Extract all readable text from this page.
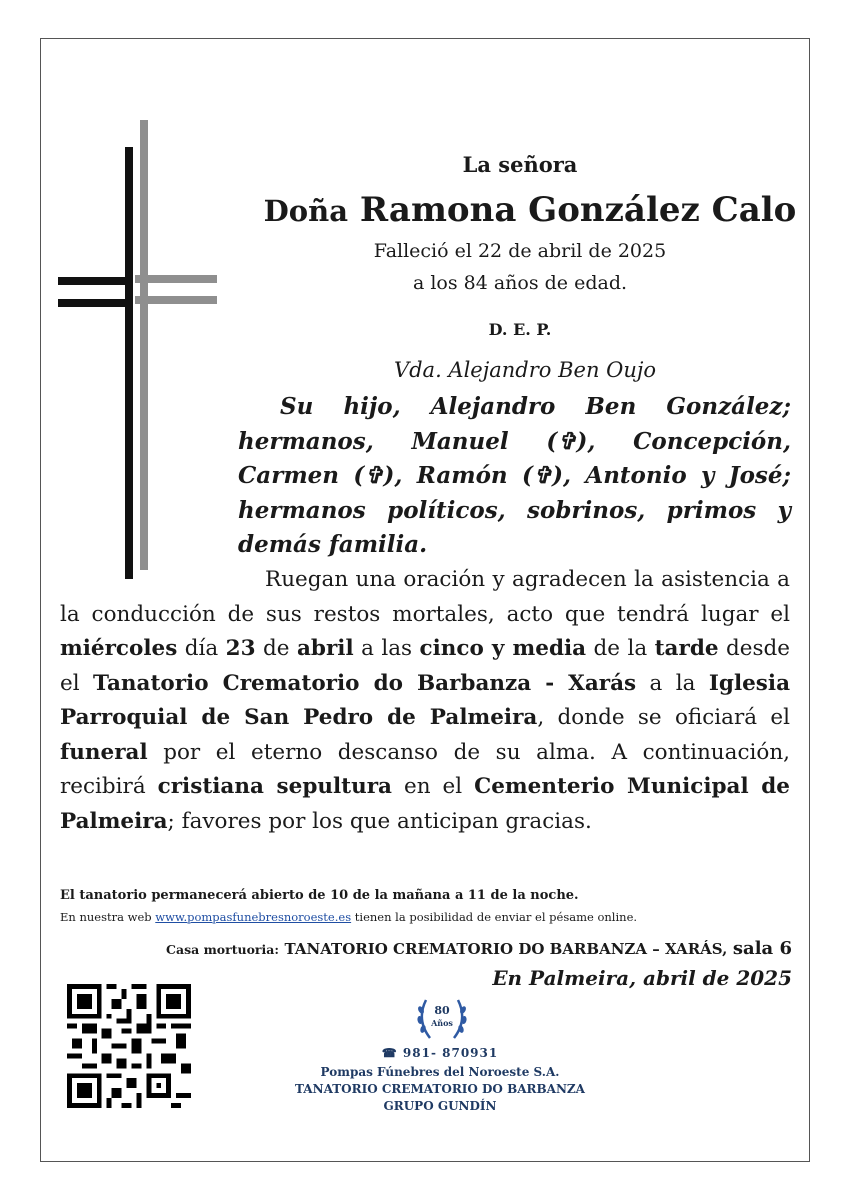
La señora
Doña Ramona González Calo
Falleció el 22 de abril de 2025
a los 84 años de edad.
D. E. P.
Vda. Alejandro Ben Oujo
Su hijo, Alejandro Ben González; hermanos, Manuel (✞), Concepción, Carmen (✞), Ramón (✞), Antonio y José; hermanos políticos, sobrinos, primos y demás familia.
Ruegan una oración y agradecen la asistencia a la conducción de sus restos mortales, acto que tendrá lugar el miércoles día 23 de abril a las cinco y media de la tarde desde el Tanatorio Crematorio do Barbanza - Xarás a la Iglesia Parroquial de San Pedro de Palmeira, donde se oficiará el funeral por el eterno descanso de su alma. A continuación, recibirá cristiana sepultura en el Cementerio Municipal de Palmeira; favores por los que anticipan gracias.
El tanatorio permanecerá abierto de 10 de la mañana a 11 de la noche.
En nuestra web www.pompasfunebresnoroeste.es tienen la posibilidad de enviar el pésame online.
Casa mortuoria: TANATORIO CREMATORIO DO BARBANZA – XARÁS, sala 6
En Palmeira, abril de 2025
80
Años
☎ 981- 870931
Pompas Fúnebres del Noroeste S.A.
TANATORIO CREMATORIO DO BARBANZA
GRUPO GUNDÍN
